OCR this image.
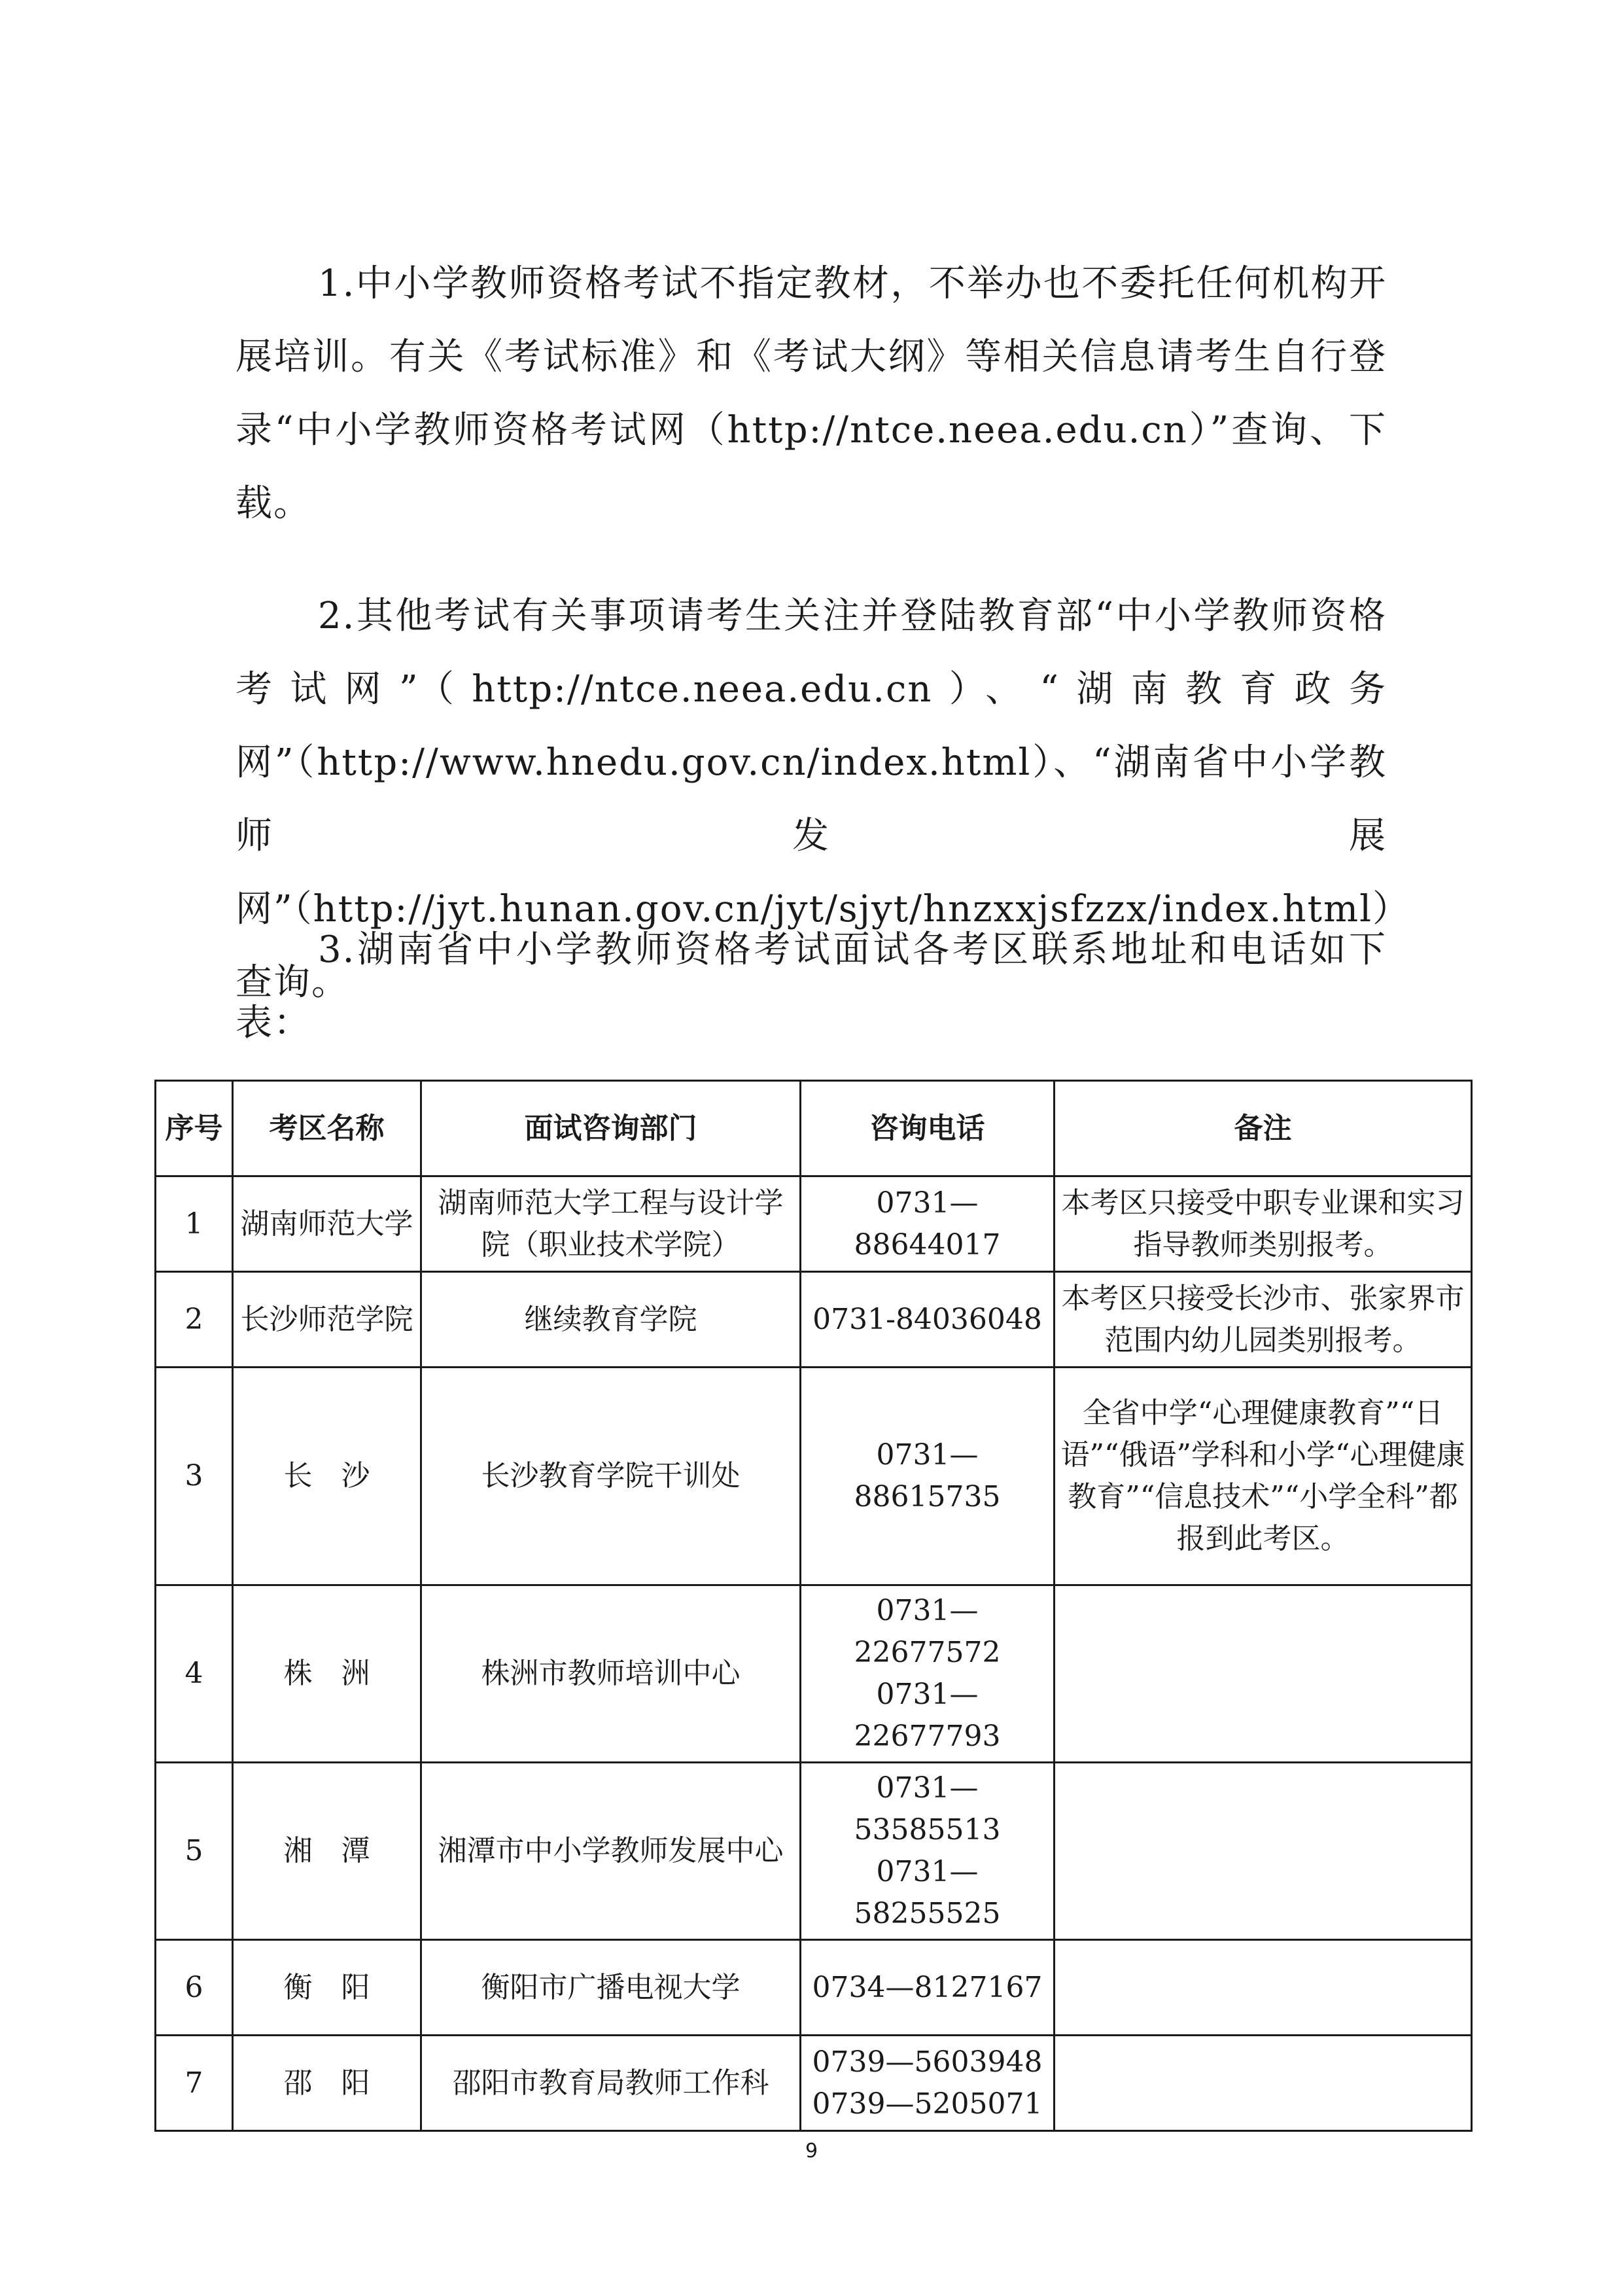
1.中小学教师资格考试不指定教材，不举办也不委托任何机构开展培训。有关《考试标准》和《考试大纲》等相关信息请考生自行登录“中小学教师资格考试网（http://ntce.neea.edu.cn）”查询、下载。

2.其他考试有关事项请考生关注并登陆教育部“中小学教师资格考试网”（http://ntce.neea.edu.cn）、“湖南教育政务网”（http://www.hnedu.gov.cn/index.html）、“湖南省中小学教师发展网”（http://jyt.hunan.gov.cn/jyt/sjyt/hnzxxjsfzzx/index.html）查询。

3.湖南省中小学教师资格考试面试各考区联系地址和电话如下表：

序号	考区名称	面试咨询部门	咨询电话	备注
1	湖南师范大学	湖南师范大学工程与设计学院（职业技术学院）	0731—88644017	本考区只接受中职专业课和实习指导教师类别报考。
2	长沙师范学院	继续教育学院	0731-84036048	本考区只接受长沙市、张家界市范围内幼儿园类别报考。
3	长　沙	长沙教育学院干训处	0731—88615735	全省中学“心理健康教育”“日语”“俄语”学科和小学“心理健康教育”“信息技术”“小学全科”都报到此考区。
4	株　洲	株洲市教师培训中心	0731—22677572
0731—22677793	

5	湘　潭	湘潭市中小学教师发展中心	0731—53585513
0731—58255525	

6	衡　阳	衡阳市广播电视大学	0734—8127167	

7	邵　阳	邵阳市教育局教师工作科	0739—5603948
0739—5205071	

9
